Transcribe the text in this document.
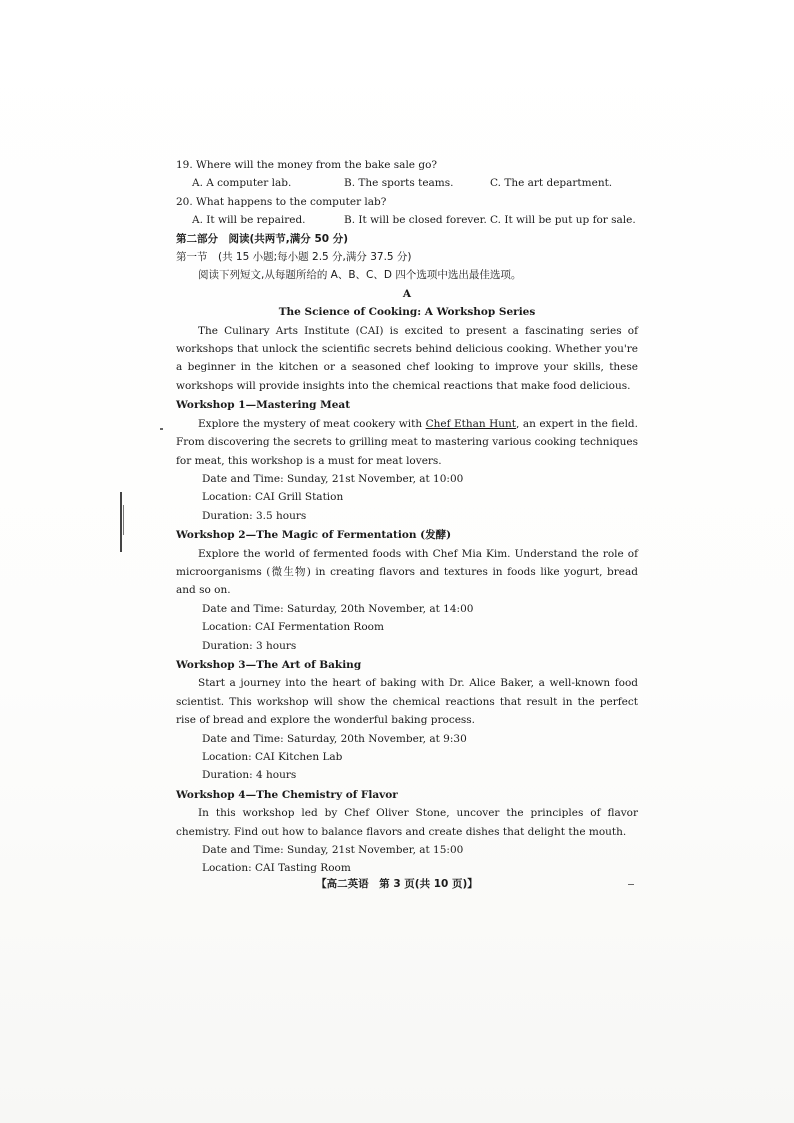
19. Where will the money from the bake sale go?
A. A computer lab.	B. The sports teams.	C. The art department.
20. What happens to the computer lab?
A. It will be repaired.	B. It will be closed forever. C. It will be put up for sale.
第二部分　阅读(共两节,满分 50 分)
第一节　(共 15 小题;每小题 2.5 分,满分 37.5 分)
阅读下列短文,从每题所给的 A、B、C、D 四个选项中选出最佳选项。
A
The Science of Cooking: A Workshop Series
The Culinary Arts Institute (CAI) is excited to present a fascinating series of workshops that unlock the scientific secrets behind delicious cooking. Whether you're a beginner in the kitchen or a seasoned chef looking to improve your skills, these workshops will provide insights into the chemical reactions that make food delicious.
Workshop 1—Mastering Meat
Explore the mystery of meat cookery with Chef Ethan Hunt, an expert in the field. From discovering the secrets to grilling meat to mastering various cooking techniques for meat, this workshop is a must for meat lovers.
Date and Time: Sunday, 21st November, at 10:00
Location: CAI Grill Station
Duration: 3.5 hours
Workshop 2—The Magic of Fermentation (发酵)
Explore the world of fermented foods with Chef Mia Kim. Understand the role of microorganisms (微生物) in creating flavors and textures in foods like yogurt, bread and so on.
Date and Time: Saturday, 20th November, at 14:00
Location: CAI Fermentation Room
Duration: 3 hours
Workshop 3—The Art of Baking
Start a journey into the heart of baking with Dr. Alice Baker, a well-known food scientist. This workshop will show the chemical reactions that result in the perfect rise of bread and explore the wonderful baking process.
Date and Time: Saturday, 20th November, at 9:30
Location: CAI Kitchen Lab
Duration: 4 hours
Workshop 4—The Chemistry of Flavor
In this workshop led by Chef Oliver Stone, uncover the principles of flavor chemistry. Find out how to balance flavors and create dishes that delight the mouth.
Date and Time: Sunday, 21st November, at 15:00
Location: CAI Tasting Room
【高二英语　第 3 页(共 10 页)】
